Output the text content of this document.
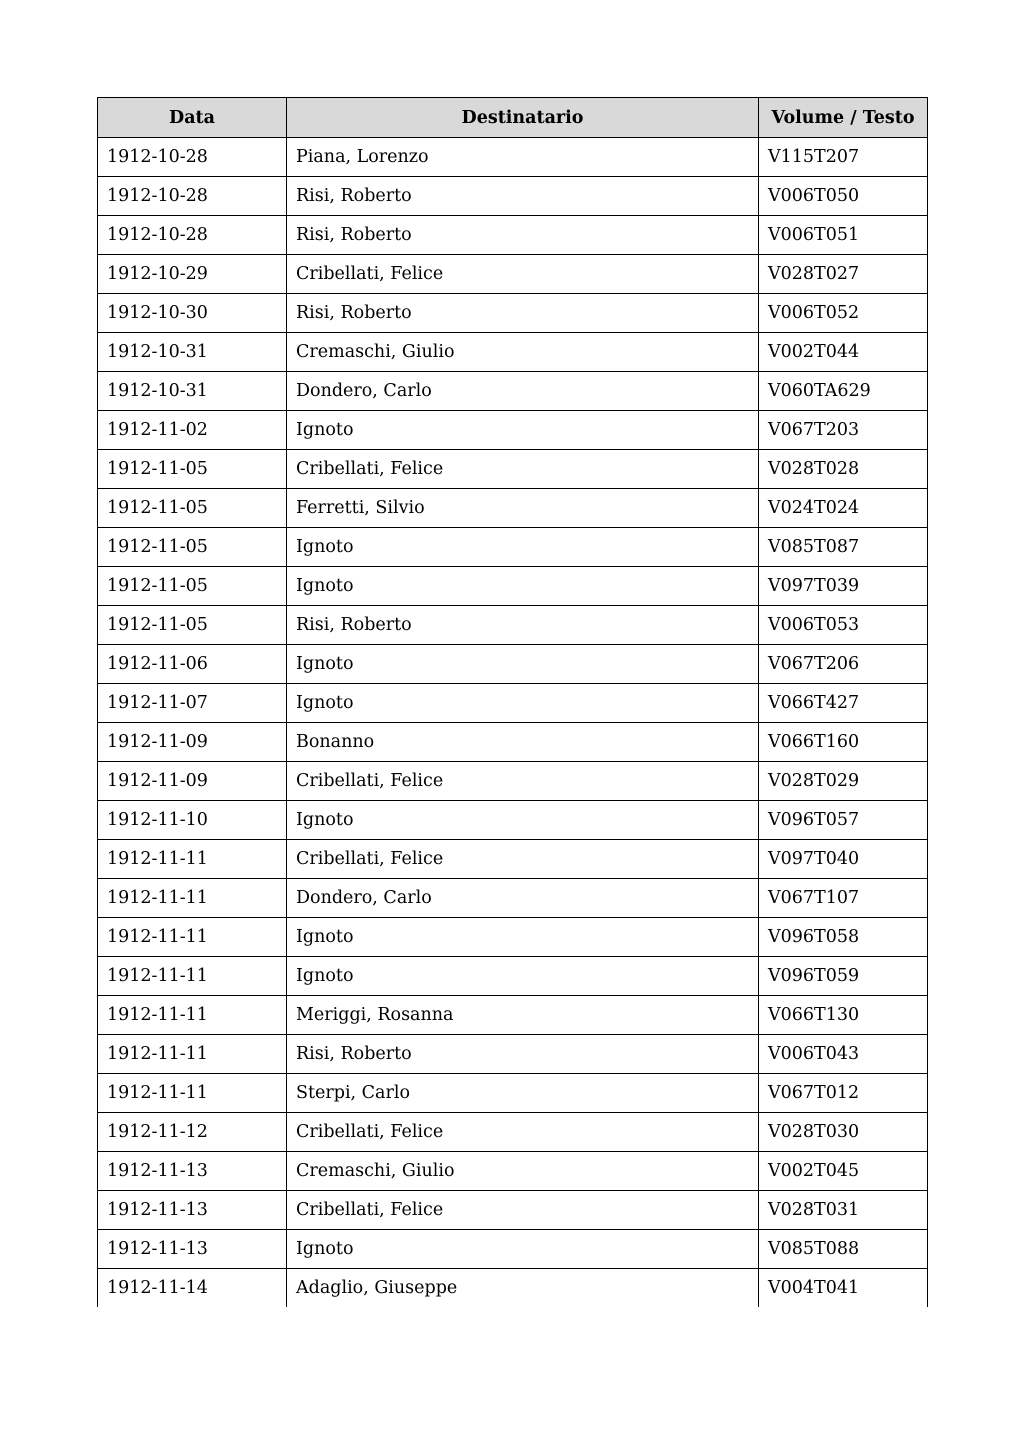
Data	Destinatario	Volume / Testo
1912-10-28	Piana, Lorenzo	V115T207
1912-10-28	Risi, Roberto	V006T050
1912-10-28	Risi, Roberto	V006T051
1912-10-29	Cribellati, Felice	V028T027
1912-10-30	Risi, Roberto	V006T052
1912-10-31	Cremaschi, Giulio	V002T044
1912-10-31	Dondero, Carlo	V060TA629
1912-11-02	Ignoto	V067T203
1912-11-05	Cribellati, Felice	V028T028
1912-11-05	Ferretti, Silvio	V024T024
1912-11-05	Ignoto	V085T087
1912-11-05	Ignoto	V097T039
1912-11-05	Risi, Roberto	V006T053
1912-11-06	Ignoto	V067T206
1912-11-07	Ignoto	V066T427
1912-11-09	Bonanno	V066T160
1912-11-09	Cribellati, Felice	V028T029
1912-11-10	Ignoto	V096T057
1912-11-11	Cribellati, Felice	V097T040
1912-11-11	Dondero, Carlo	V067T107
1912-11-11	Ignoto	V096T058
1912-11-11	Ignoto	V096T059
1912-11-11	Meriggi, Rosanna	V066T130
1912-11-11	Risi, Roberto	V006T043
1912-11-11	Sterpi, Carlo	V067T012
1912-11-12	Cribellati, Felice	V028T030
1912-11-13	Cremaschi, Giulio	V002T045
1912-11-13	Cribellati, Felice	V028T031
1912-11-13	Ignoto	V085T088
1912-11-14	Adaglio, Giuseppe	V004T041
